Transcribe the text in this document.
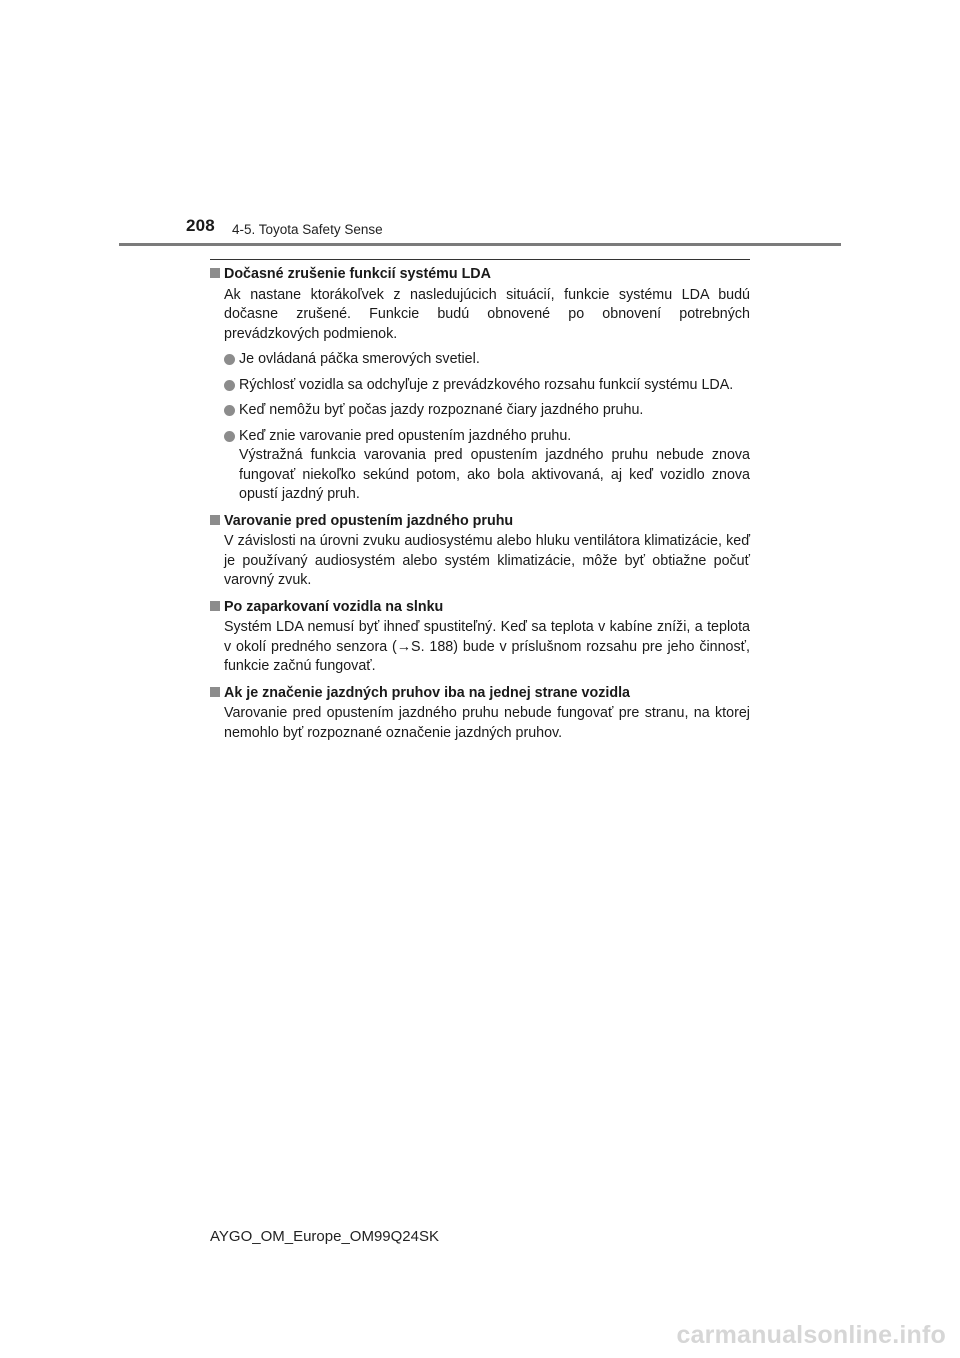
208 4-5. Toyota Safety Sense
Dočasné zrušenie funkcií systému LDA
Ak nastane ktorákoľvek z nasledujúcich situácií, funkcie systému LDA budú dočasne zrušené. Funkcie budú obnovené po obnovení potrebných prevádzkových podmienok.
Je ovládaná páčka smerových svetiel.
Rýchlosť vozidla sa odchyľuje z prevádzkového rozsahu funkcií systému LDA.
Keď nemôžu byť počas jazdy rozpoznané čiary jazdného pruhu.
Keď znie varovanie pred opustením jazdného pruhu.
Výstražná funkcia varovania pred opustením jazdného pruhu nebude znova fungovať niekoľko sekúnd potom, ako bola aktivovaná, aj keď vozidlo znova opustí jazdný pruh.
Varovanie pred opustením jazdného pruhu
V závislosti na úrovni zvuku audiosystému alebo hluku ventilátora klimatizácie, keď je používaný audiosystém alebo systém klimatizácie, môže byť obtiažne počuť varovný zvuk.
Po zaparkovaní vozidla na slnku
Systém LDA nemusí byť ihneď spustiteľný. Keď sa teplota v kabíne zníži, a teplota v okolí predného senzora (→S. 188) bude v príslušnom rozsahu pre jeho činnosť, funkcie začnú fungovať.
Ak je značenie jazdných pruhov iba na jednej strane vozidla
Varovanie pred opustením jazdného pruhu nebude fungovať pre stranu, na ktorej nemohlo byť rozpoznané označenie jazdných pruhov.
AYGO_OM_Europe_OM99Q24SK
carmanualsonline.info
